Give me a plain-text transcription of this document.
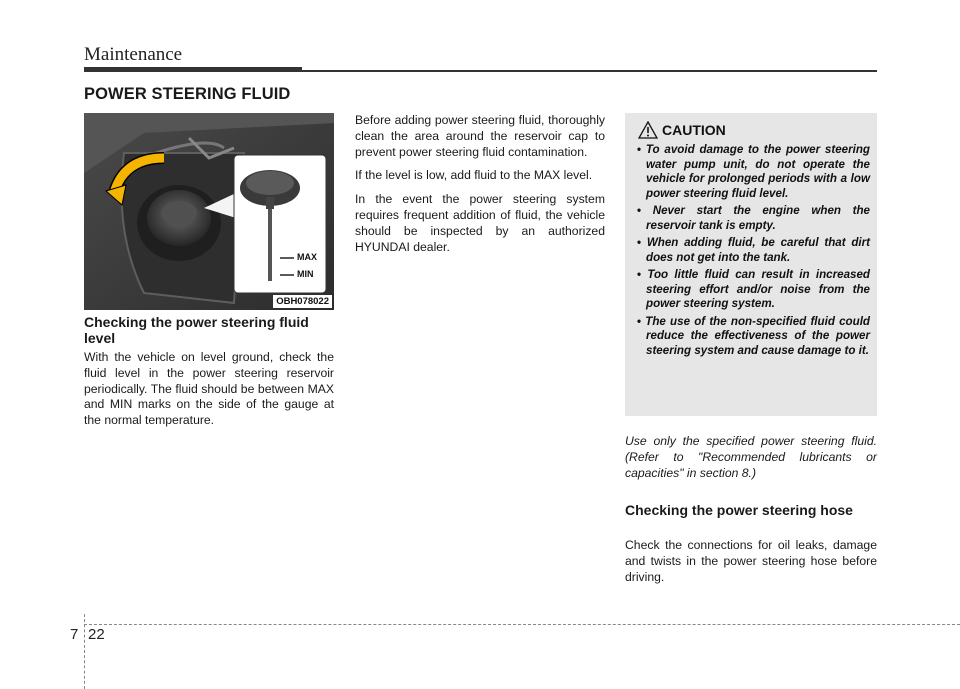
Maintenance
POWER STEERING FLUID
MAX
MIN
OBH078022
Checking the power steering fluid level
With the vehicle on level ground, check the fluid level in the power steering reservoir periodically. The fluid should be between MAX and MIN marks on the side of the gauge at the normal temperature.

Before adding power steering fluid, thoroughly clean the area around the reservoir cap to prevent power steering fluid contamination.

If the level is low, add fluid to the MAX level.

In the event the power steering system requires frequent addition of fluid, the vehicle should be inspected by an authorized HYUNDAI dealer.

CAUTION
• To avoid damage to the power steering water pump unit, do not operate the vehicle for prolonged periods with a low power steering fluid level.
• Never start the engine when the reservoir tank is empty.
• When adding fluid, be careful that dirt does not get into the tank.
• Too little fluid can result in increased steering effort and/or noise from the power steering system.
• The use of the non-specified fluid could reduce the effectiveness of the power steering system and cause damage to it.
Use only the specified power steering fluid. (Refer to "Recommended lubricants or capacities" in section 8.)
Checking the power steering hose
Check the connections for oil leaks, damage and twists in the power steering hose before driving.
7 22
